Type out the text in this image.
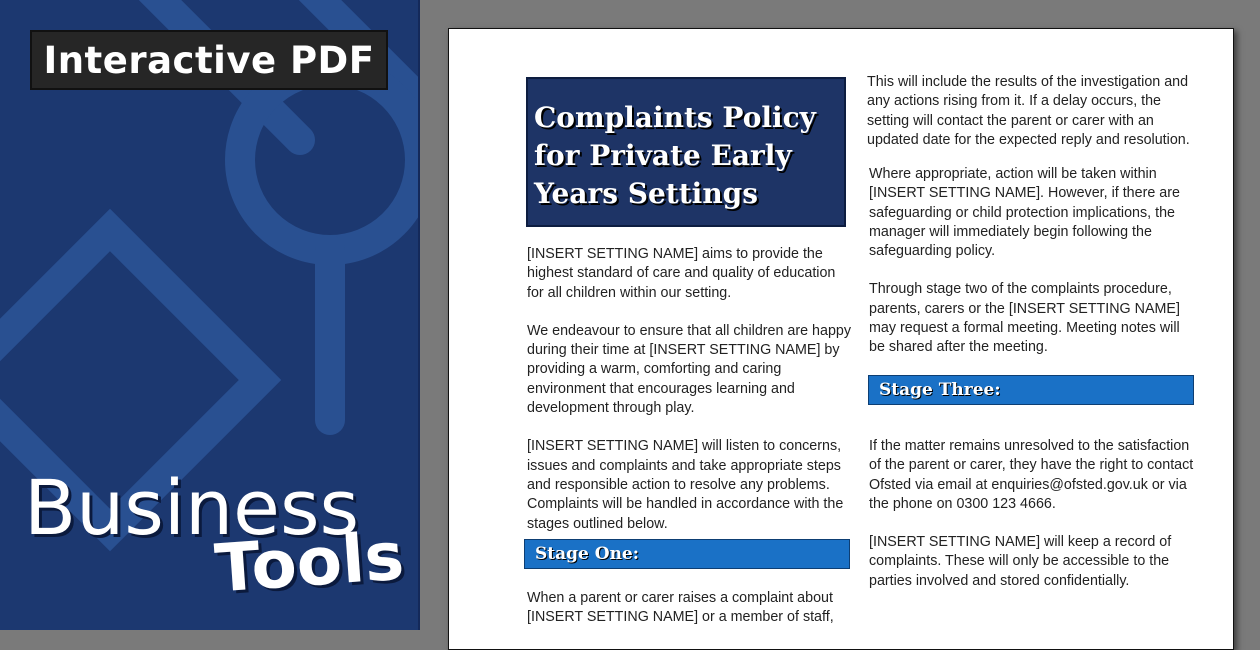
Interactive PDF
Business
Tools
Complaints Policy
for Private Early
Years Settings

[INSERT SETTING NAME] aims to provide the highest standard of care and quality of education for all children within our setting.

We endeavour to ensure that all children are happy during their time at [INSERT SETTING NAME] by providing a warm, comforting and caring environment that encourages learning and development through play.

[INSERT SETTING NAME] will listen to concerns, issues and complaints and take appropriate steps and responsible action to resolve any problems. Complaints will be handled in accordance with the stages outlined below.

Stage One:

When a parent or carer raises a complaint about [INSERT SETTING NAME] or a member of staff,

This will include the results of the investigation and any actions rising from it. If a delay occurs, the setting will contact the parent or carer with an updated date for the expected reply and resolution.

Where appropriate, action will be taken within [INSERT SETTING NAME]. However, if there are safeguarding or child protection implications, the manager will immediately begin following the safeguarding policy.

Through stage two of the complaints procedure, parents, carers or the [INSERT SETTING NAME] may request a formal meeting. Meeting notes will be shared after the meeting.

Stage Three:

If the matter remains unresolved to the satisfaction of the parent or carer, they have the right to contact Ofsted via email at enquiries@ofsted.gov.uk or via the phone on 0300 123 4666.

[INSERT SETTING NAME] will keep a record of complaints. These will only be accessible to the parties involved and stored confidentially.
